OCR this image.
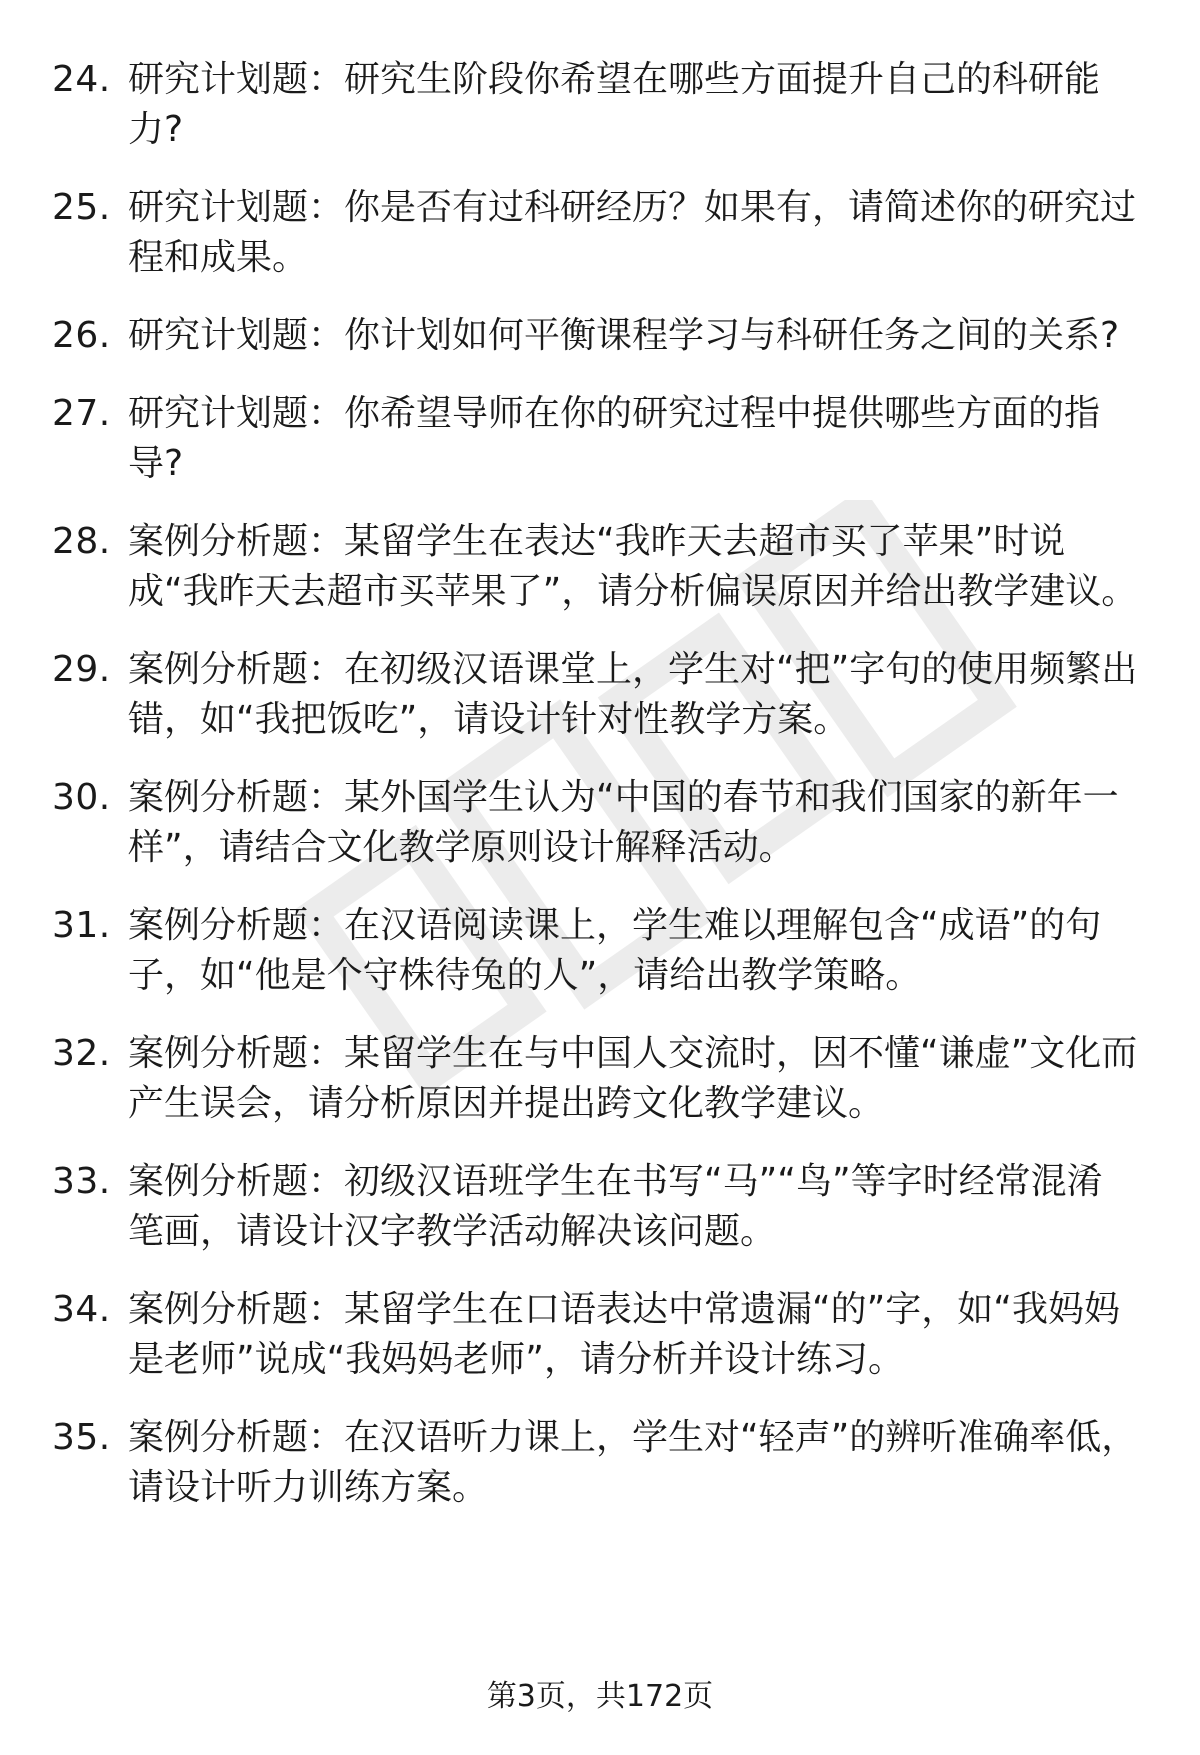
24. 研究计划题：研究生阶段你希望在哪些方面提升自己的科研能力?
25. 研究计划题：你是否有过科研经历？如果有，请简述你的研究过程和成果。
26. 研究计划题：你计划如何平衡课程学习与科研任务之间的关系?
27. 研究计划题：你希望导师在你的研究过程中提供哪些方面的指导?
28. 案例分析题：某留学生在表达“我昨天去超市买了苹果”时说成“我昨天去超市买苹果了”，请分析偏误原因并给出教学建议。
29. 案例分析题：在初级汉语课堂上，学生对“把”字句的使用频繁出错，如“我把饭吃”，请设计针对性教学方案。
30. 案例分析题：某外国学生认为“中国的春节和我们国家的新年一样”，请结合文化教学原则设计解释活动。
31. 案例分析题：在汉语阅读课上，学生难以理解包含“成语”的句子，如“他是个守株待兔的人”，请给出教学策略。
32. 案例分析题：某留学生在与中国人交流时，因不懂“谦虚”文化而产生误会，请分析原因并提出跨文化教学建议。
33. 案例分析题：初级汉语班学生在书写“马”“鸟”等字时经常混淆笔画，请设计汉字教学活动解决该问题。
34. 案例分析题：某留学生在口语表达中常遗漏“的”字，如“我妈妈是老师”说成“我妈妈老师”，请分析并设计练习。
35. 案例分析题：在汉语听力课上，学生对“轻声”的辨听准确率低，请设计听力训练方案。
第3页，共172页
